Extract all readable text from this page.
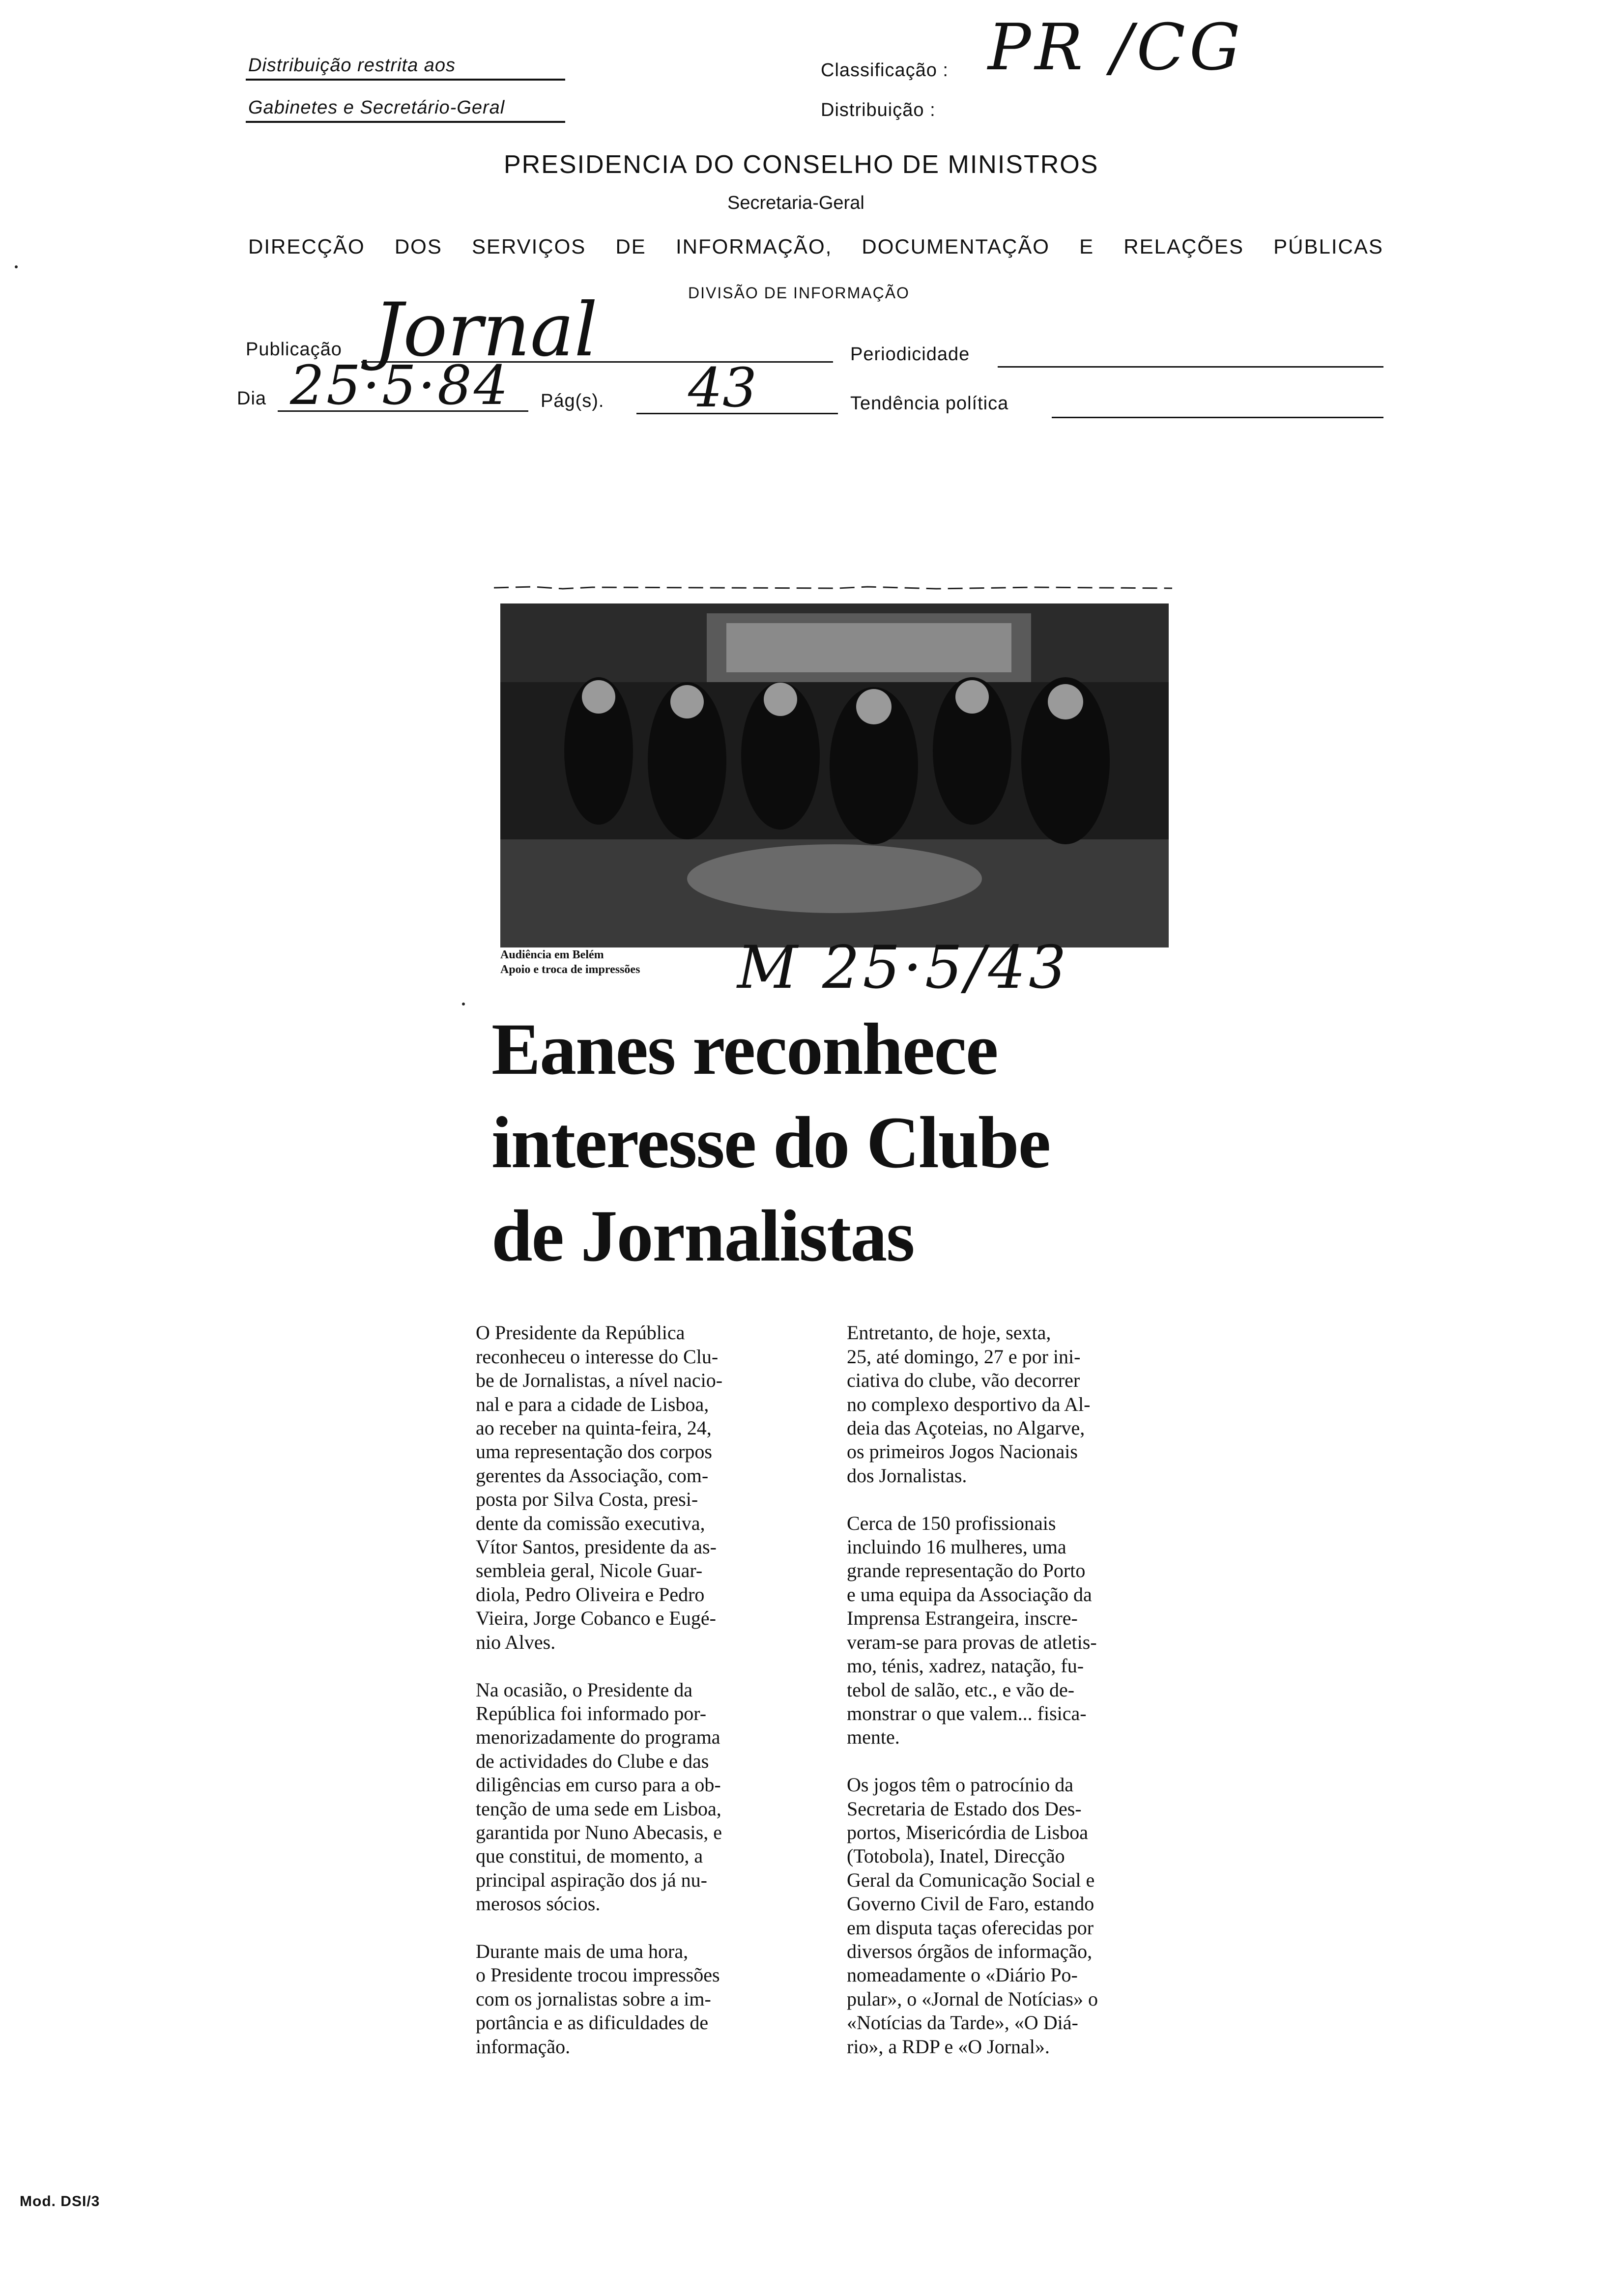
Distribuição restrita aos
Gabinetes e Secretário-Geral
Classificação :
Distribuição :
PR /CG
PRESIDENCIA DO CONSELHO DE MINISTROS
Secretaria-Geral
DIRECÇÃO DOS SERVIÇOS DE INFORMAÇÃO, DOCUMENTAÇÃO E RELAÇÕES PÚBLICAS
DIVISÃO DE INFORMAÇÃO
Publicação Jornal	Periodicidade
Dia 25·5·84 Pág(s). 43	Tendência política
Audiência em Belém
Apoio e troca de impressões M 25·5/43
Eanes reconhece
interesse do Clube
de Jornalistas

O Presidente da República
reconheceu o interesse do Clu-
be de Jornalistas, a nível nacio-
nal e para a cidade de Lisboa,
ao receber na quinta-feira, 24,
uma representação dos corpos
gerentes da Associação, com-
posta por Silva Costa, presi-
dente da comissão executiva,
Vítor Santos, presidente da as-
sembleia geral, Nicole Guar-
diola, Pedro Oliveira e Pedro
Vieira, Jorge Cobanco e Eugé-
nio Alves.

Na ocasião, o Presidente da
República foi informado por-
menorizadamente do programa
de actividades do Clube e das
diligências em curso para a ob-
tenção de uma sede em Lisboa,
garantida por Nuno Abecasis, e
que constitui, de momento, a
principal aspiração dos já nu-
merosos sócios.

Durante mais de uma hora,
o Presidente trocou impressões
com os jornalistas sobre a im-
portância e as dificuldades de
informação.

Entretanto, de hoje, sexta,
25, até domingo, 27 e por ini-
ciativa do clube, vão decorrer
no complexo desportivo da Al-
deia das Açoteias, no Algarve,
os primeiros Jogos Nacionais
dos Jornalistas.

Cerca de 150 profissionais
incluindo 16 mulheres, uma
grande representação do Porto
e uma equipa da Associação da
Imprensa Estrangeira, inscre-
veram-se para provas de atletis-
mo, ténis, xadrez, natação, fu-
tebol de salão, etc., e vão de-
monstrar o que valem... fisica-
mente.

Os jogos têm o patrocínio da
Secretaria de Estado dos Des-
portos, Misericórdia de Lisboa
(Totobola), Inatel, Direcção
Geral da Comunicação Social e
Governo Civil de Faro, estando
em disputa taças oferecidas por
diversos órgãos de informação,
nomeadamente o «Diário Po-
pular», o «Jornal de Notícias» o
«Notícias da Tarde», «O Diá-
rio», a RDP e «O Jornal».

Mod. DSI/3
